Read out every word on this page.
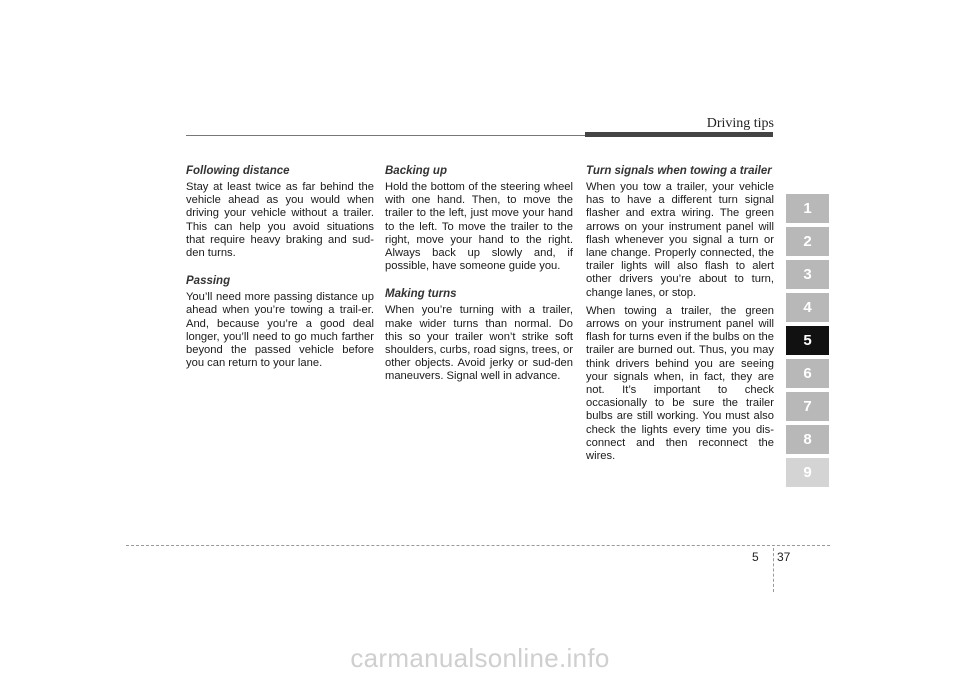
Driving tips
Following distance

Stay at least twice as far behind the vehicle ahead as you would when driving your vehicle without a trailer. This can help you avoid situations that require heavy braking and sud-den turns.

Passing

You’ll need more passing distance up ahead when you’re towing a trail-er. And, because you’re a good deal longer, you’ll need to go much farther beyond the passed vehicle before you can return to your lane.

Backing up

Hold the bottom of the steering wheel with one hand. Then, to move the trailer to the left, just move your hand to the left. To move the trailer to the right, move your hand to the right. Always back up slowly and, if possible, have someone guide you.

Making turns

When you’re turning with a trailer, make wider turns than normal. Do this so your trailer won’t strike soft shoulders, curbs, road signs, trees, or other objects. Avoid jerky or sud-den maneuvers. Signal well in advance.

Turn signals when towing a trailer

When you tow a trailer, your vehicle has to have a different turn signal flasher and extra wiring. The green arrows on your instrument panel will flash whenever you signal a turn or lane change. Properly connected, the trailer lights will also flash to alert other drivers you’re about to turn, change lanes, or stop.

When towing a trailer, the green arrows on your instrument panel will flash for turns even if the bulbs on the trailer are burned out. Thus, you may think drivers behind you are seeing your signals when, in fact, they are not. It’s important to check occasionally to be sure the trailer bulbs are still working. You must also check the lights every time you dis-connect and then reconnect the wires.

1
2
3
4
5
6
7
8
9
5 37
carmanualsonline.info
